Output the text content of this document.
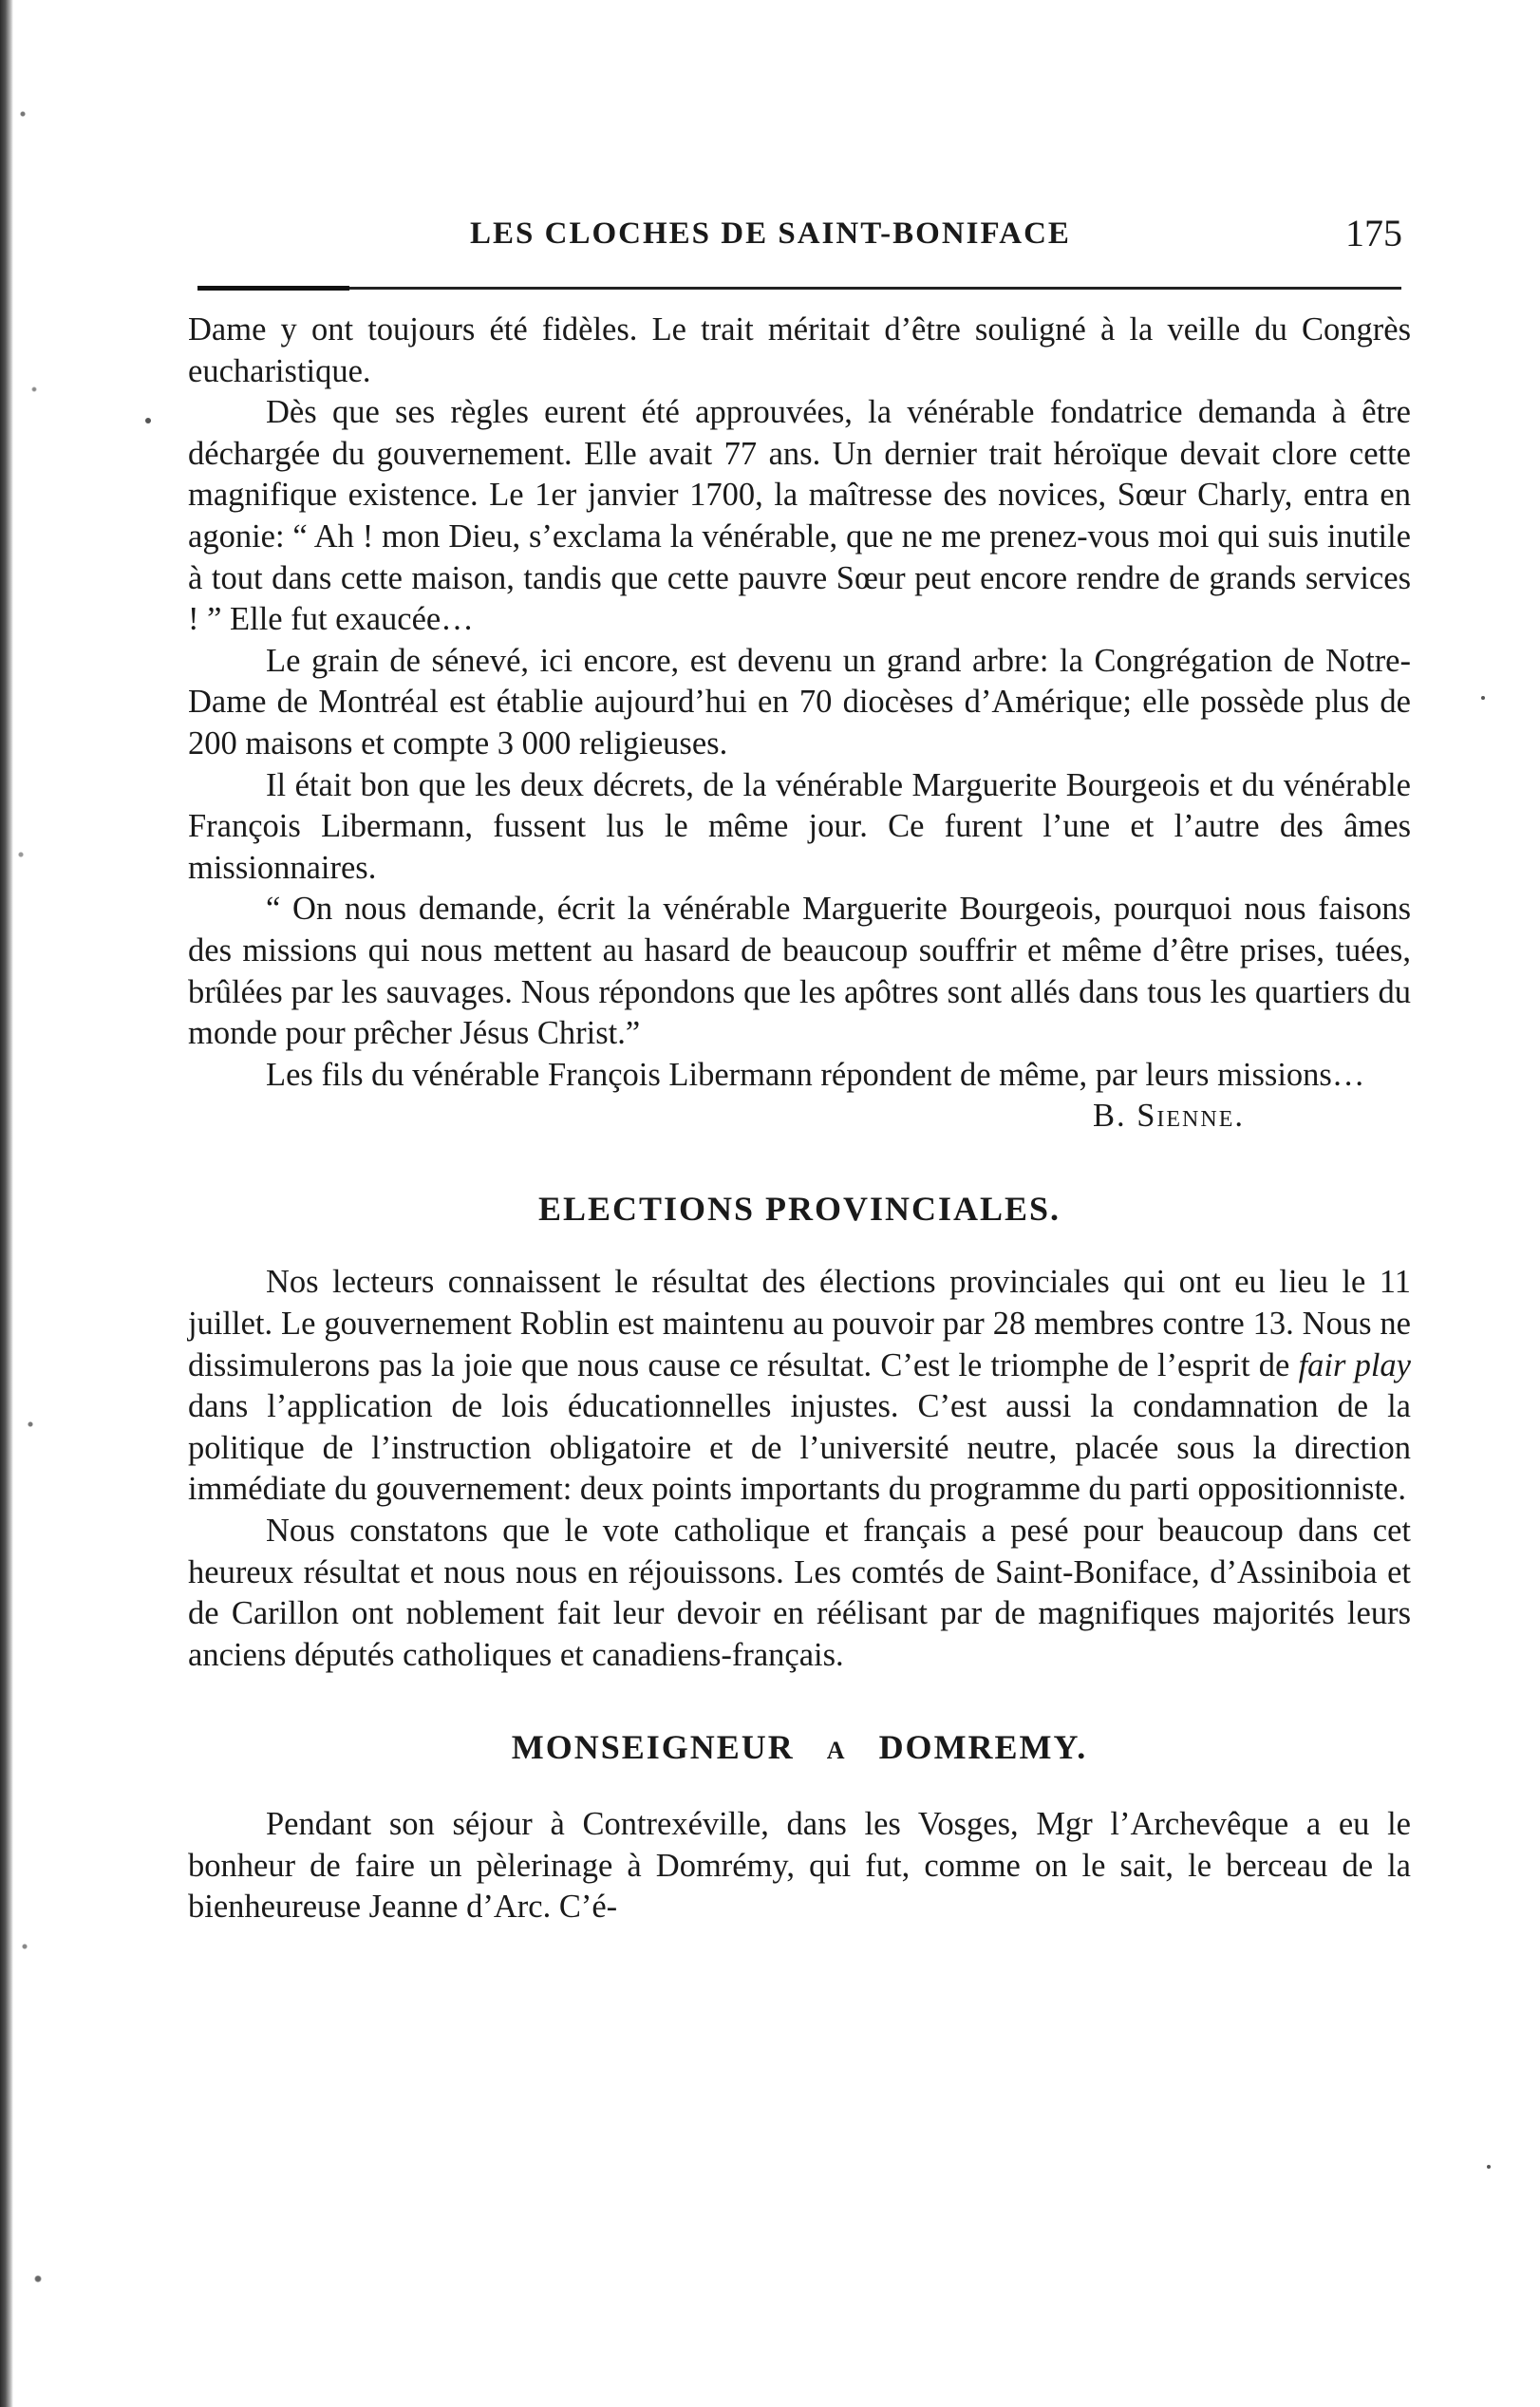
LES CLOCHES DE SAINT-BONIFACE	175

Dame y ont toujours été fidèles. Le trait méritait d’être souligné à la veille du Congrès eucharistique.

Dès que ses règles eurent été approuvées, la vénérable fondatrice demanda à être déchargée du gouvernement. Elle avait 77 ans. Un dernier trait héroïque devait clore cette magnifique existence. Le 1er janvier 1700, la maîtresse des novices, Sœur Charly, entra en agonie: “ Ah ! mon Dieu, s’exclama la vénérable, que ne me prenez-vous moi qui suis inutile à tout dans cette maison, tandis que cette pauvre Sœur peut encore rendre de grands services ! ” Elle fut exaucée…

Le grain de sénevé, ici encore, est devenu un grand arbre: la Congrégation de Notre-Dame de Montréal est établie aujourd’hui en 70 diocèses d’Amérique; elle possède plus de 200 maisons et compte 3 000 religieuses.

Il était bon que les deux décrets, de la vénérable Marguerite Bourgeois et du vénérable François Libermann, fussent lus le même jour. Ce furent l’une et l’autre des âmes missionnaires.

“ On nous demande, écrit la vénérable Marguerite Bourgeois, pourquoi nous faisons des missions qui nous mettent au hasard de beaucoup souffrir et même d’être prises, tuées, brûlées par les sauvages. Nous répondons que les apôtres sont allés dans tous les quartiers du monde pour prêcher Jésus Christ.”

Les fils du vénérable François Libermann répondent de même, par leurs missions…

B. Sienne.

ELECTIONS PROVINCIALES.

Nos lecteurs connaissent le résultat des élections provinciales qui ont eu lieu le 11 juillet. Le gouvernement Roblin est maintenu au pouvoir par 28 membres contre 13. Nous ne dissimulerons pas la joie que nous cause ce résultat. C’est le triomphe de l’esprit de fair play dans l’application de lois éducationnelles injustes. C’est aussi la condamnation de la politique de l’instruction obligatoire et de l’université neutre, placée sous la direction immédiate du gouvernement: deux points importants du programme du parti oppositionniste.

Nous constatons que le vote catholique et français a pesé pour beaucoup dans cet heureux résultat et nous nous en réjouissons. Les comtés de Saint-Boniface, d’Assiniboia et de Carillon ont noblement fait leur devoir en réélisant par de magnifiques majorités leurs anciens députés catholiques et canadiens-français.

MONSEIGNEUR A DOMREMY.

Pendant son séjour à Contrexéville, dans les Vosges, Mgr l’Archevêque a eu le bonheur de faire un pèlerinage à Domrémy, qui fut, comme on le sait, le berceau de la bienheureuse Jeanne d’Arc. C’é-
